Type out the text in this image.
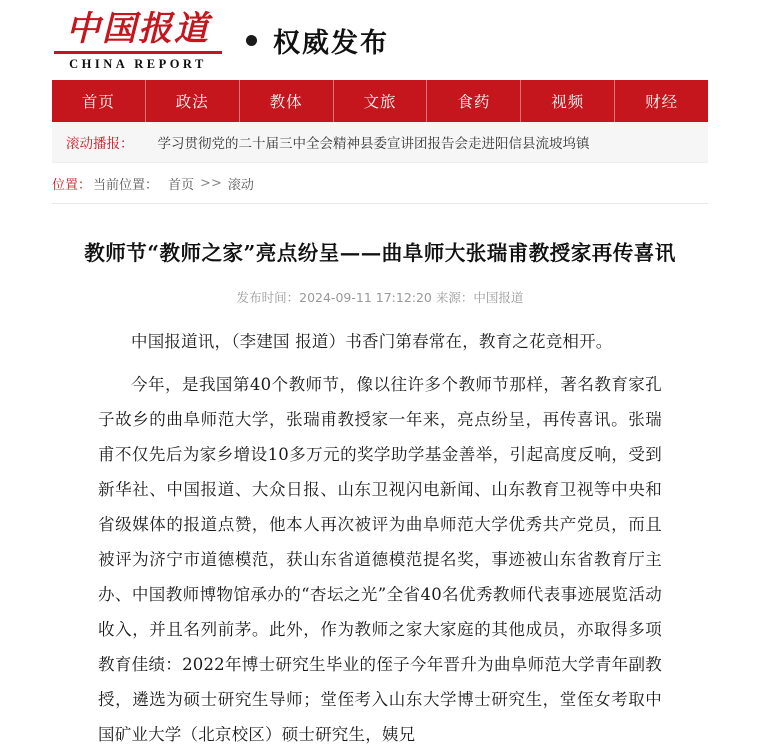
中国报道
CHINA REPORT
权威发布
首页	政法	教体	文旅	食药	视频	财经
滚动播报：	学习贯彻党的二十届三中全会精神县委宣讲团报告会走进阳信县流坡坞镇
位置： 当前位置： 首页 >> 滚动
教师节“教师之家”亮点纷呈——曲阜师大张瑞甫教授家再传喜讯
发布时间：2024-09-11 17:12:20 来源：中国报道

中国报道讯，（李建国 报道）书香门第春常在，教育之花竞相开。

今年，是我国第40个教师节，像以往许多个教师节那样，著名教育家孔子故乡的曲阜师范大学，张瑞甫教授家一年来，亮点纷呈，再传喜讯。张瑞甫不仅先后为家乡增设10多万元的奖学助学基金善举，引起高度反响，受到新华社、中国报道、大众日报、山东卫视闪电新闻、山东教育卫视等中央和省级媒体的报道点赞，他本人再次被评为曲阜师范大学优秀共产党员，而且被评为济宁市道德模范，获山东省道德模范提名奖，事迹被山东省教育厅主办、中国教师博物馆承办的“杏坛之光”全省40名优秀教师代表事迹展览活动收入，并且名列前茅。此外，作为教师之家大家庭的其他成员，亦取得多项教育佳绩：2022年博士研究生毕业的侄子今年晋升为曲阜师范大学青年副教授，遴选为硕士研究生导师；堂侄考入山东大学博士研究生，堂侄女考取中国矿业大学（北京校区）硕士研究生，姨兄
